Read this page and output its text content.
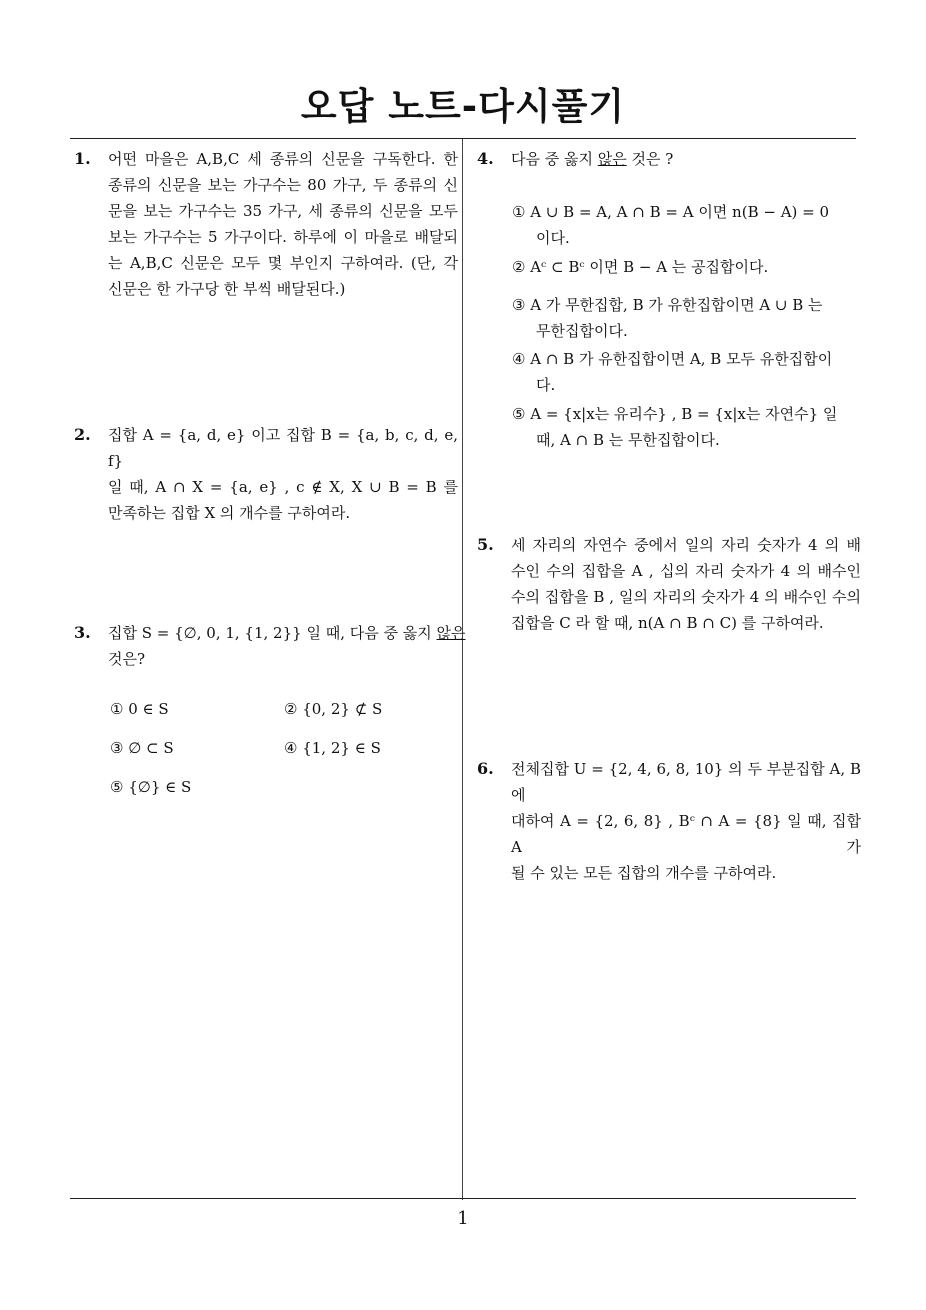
오답 노트-다시풀기
1. 어떤 마을은 A,B,C 세 종류의 신문을 구독한다. 한
종류의 신문을 보는 가구수는 80 가구, 두 종류의 신
문을 보는 가구수는 35 가구, 세 종류의 신문을 모두
보는 가구수는 5 가구이다. 하루에 이 마을로 배달되
는 A,B,C 신문은 모두 몇 부인지 구하여라. (단, 각
신문은 한 가구당 한 부씩 배달된다.)
2. 집합 A = {a, d, e} 이고 집합 B = {a, b, c, d, e, f}
일 때, A ∩ X = {a, e} , c ∉ X, X ∪ B = B 를
만족하는 집합 X 의 개수를 구하여라.
3. 집합 S = {∅, 0, 1, {1, 2}} 일 때, 다음 중 옳지 않은
것은?
① 0 ∈ S	② {0, 2} ⊄ S
③ ∅ ⊂ S	④ {1, 2} ∈ S
⑤ {∅} ∈ S
4. 다음 중 옳지 않은 것은 ?
① A ∪ B = A, A ∩ B = A 이면 n(B − A) = 0
이다.
② Aᶜ ⊂ Bᶜ 이면 B − A 는 공집합이다.
③ A 가 무한집합, B 가 유한집합이면 A ∪ B 는
무한집합이다.
④ A ∩ B 가 유한집합이면 A, B 모두 유한집합이
다.
⑤ A = {x|x는 유리수} , B = {x|x는 자연수} 일
때, A ∩ B 는 무한집합이다.
5. 세 자리의 자연수 중에서 일의 자리 숫자가 4 의 배
수인 수의 집합을 A , 십의 자리 숫자가 4 의 배수인
수의 집합을 B , 일의 자리의 숫자가 4 의 배수인 수의
집합을 C 라 할 때, n(A ∩ B ∩ C) 를 구하여라.
6. 전체집합 U = {2, 4, 6, 8, 10} 의 두 부분집합 A, B 에
대하여 A = {2, 6, 8} , Bᶜ ∩ A = {8} 일 때, 집합 A 가
될 수 있는 모든 집합의 개수를 구하여라.
1
